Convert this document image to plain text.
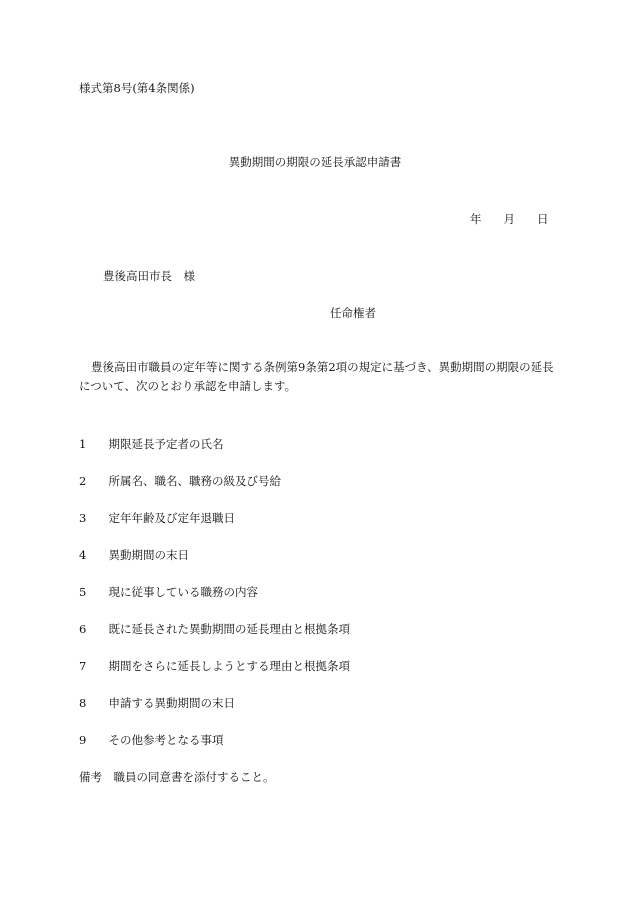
様式第8号(第4条関係)
異動期間の期限の延長承認申請書
年 月 日
豊後高田市長　様
任命権者
豊後高田市職員の定年等に関する条例第9条第2項の規定に基づき、異動期間の期限の延長について、次のとおり承認を申請します。
1　 期限延長予定者の氏名
2　 所属名、職名、職務の級及び号給
3　 定年年齢及び定年退職日
4　 異動期間の末日
5　 現に従事している職務の内容
6　 既に延長された異動期間の延長理由と根拠条項
7　 期間をさらに延長しようとする理由と根拠条項
8　 申請する異動期間の末日
9　 その他参考となる事項
備考　職員の同意書を添付すること。
